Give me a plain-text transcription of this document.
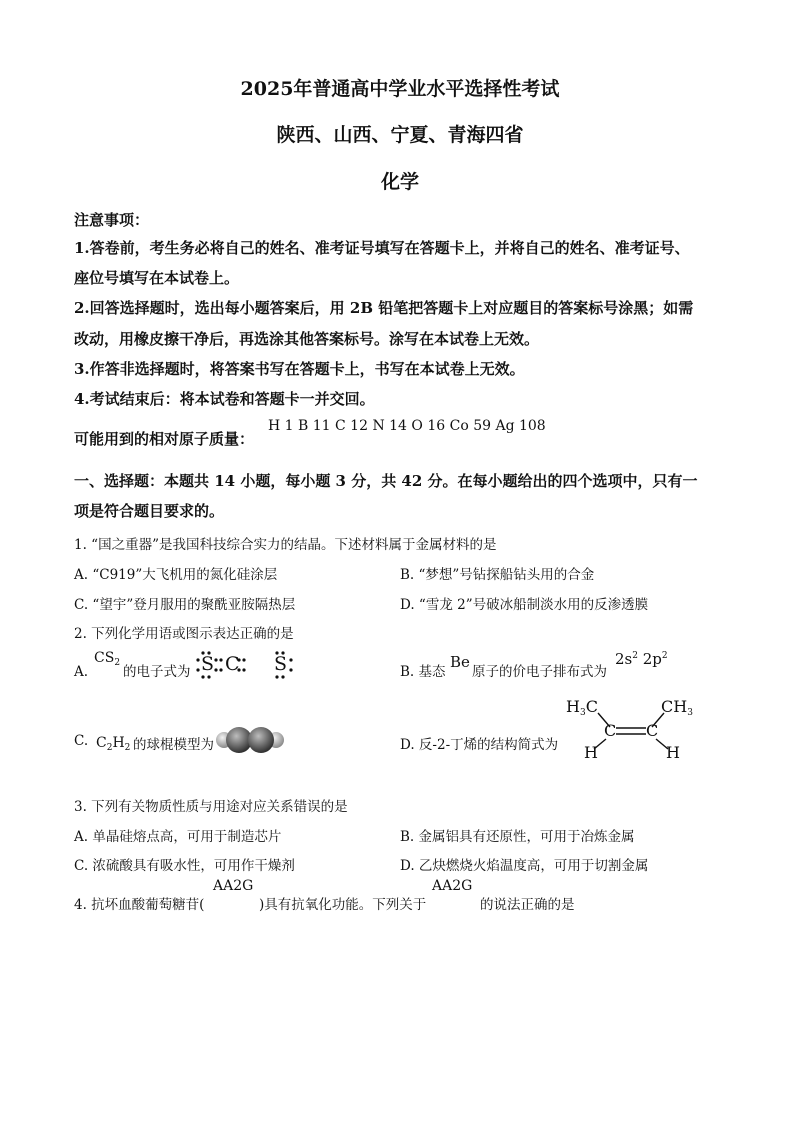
2025年普通高中学业水平选择性考试
陕西、山西、宁夏、青海四省
化学
注意事项：
1.答卷前，考生务必将自己的姓名、准考证号填写在答题卡上，并将自己的姓名、准考证号、
座位号填写在本试卷上。
2.回答选择题时，选出每小题答案后，用 2B 铅笔把答题卡上对应题目的答案标号涂黑；如需
改动，用橡皮擦干净后，再选涂其他答案标号。涂写在本试卷上无效。
3.作答非选择题时，将答案书写在答题卡上，书写在本试卷上无效。
4.考试结束后：将本试卷和答题卡一并交回。
可能用到的相对原子质量：
H 1 B 11 C 12 N 14 O 16 Co 59 Ag 108
一、选择题：本题共 14 小题，每小题 3 分，共 42 分。在每小题给出的四个选项中，只有一
项是符合题目要求的。
1. “国之重器”是我国科技综合实力的结晶。下述材料属于金属材料的是
A. “C919”大飞机用的氮化硅涂层	B. “梦想”号钻探船钻头用的合金
C. “望宇”登月服用的聚酰亚胺隔热层	D. “雪龙 2”号破冰船制淡水用的反渗透膜
2. 下列化学用语或图示表达正确的是
A.
$CS_2$
的电子式为 S C S	B. 基态
Be
原子的价电子排布式为
$2s^2$ $2p^2$
C. $C_2H_2$ 的球棍模型为	D. 反-2-丁烯的结构简式为
$H_3C$	$CH_3$
C C
H	H
3. 下列有关物质性质与用途对应关系错误的是
A. 单晶硅熔点高，可用于制造芯片	B. 金属铝具有还原性，可用于冶炼金属
C. 浓硫酸具有吸水性，可用作干燥剂	D. 乙炔燃烧火焰温度高，可用于切割金属
4. 抗坏血酸葡萄糖苷(
AA2G
)具有抗氧化功能。下列关于
AA2G
的说法正确的是
